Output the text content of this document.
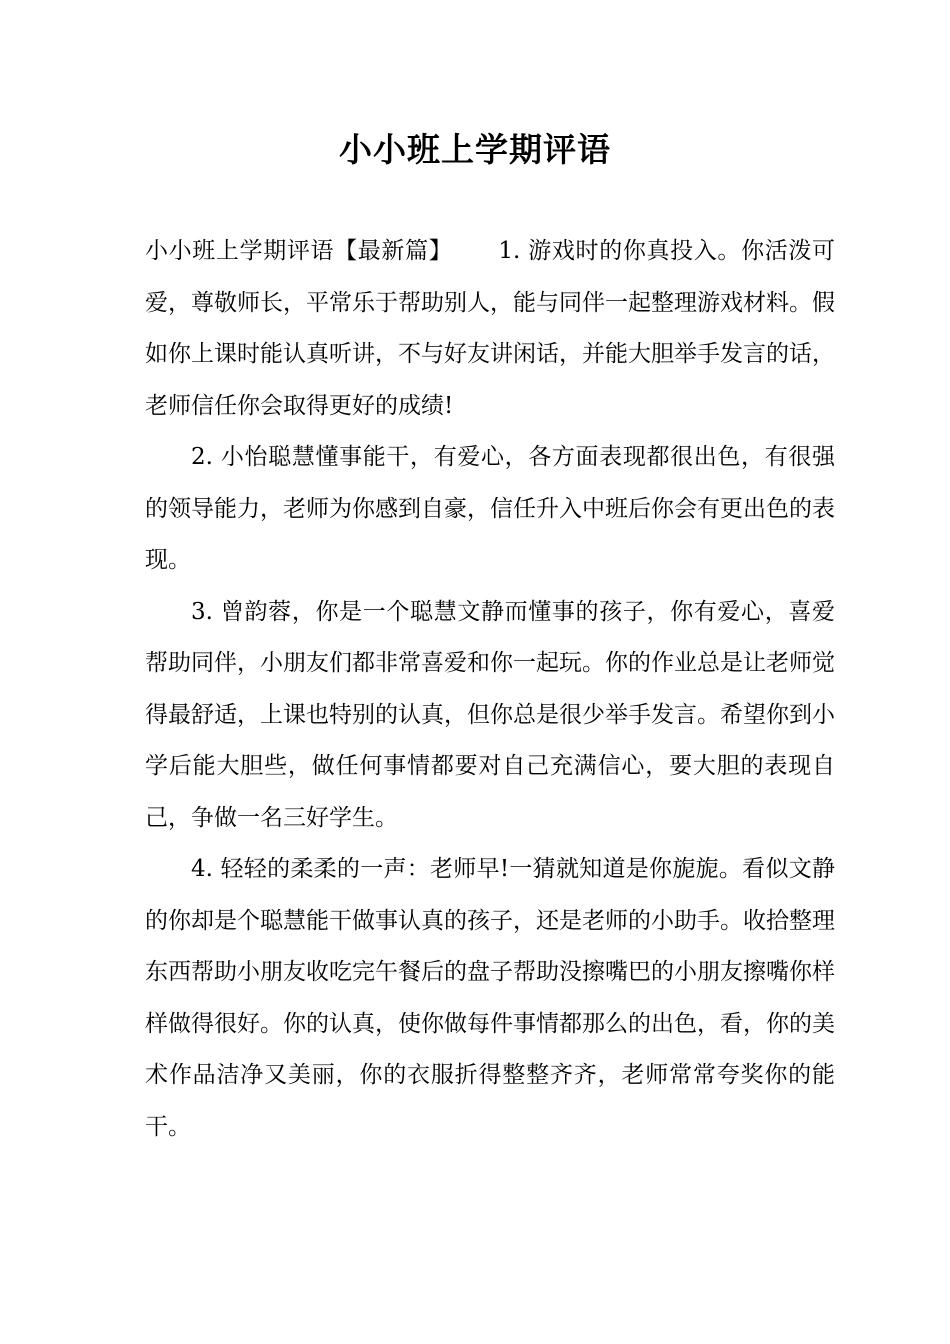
小小班上学期评语

小小班上学期评语【最新篇】 1. 游戏时的你真投入。你活泼可爱，尊敬师长，平常乐于帮助别人，能与同伴一起整理游戏材料。假如你上课时能认真听讲，不与好友讲闲话，并能大胆举手发言的话，老师信任你会取得更好的成绩!

2. 小怡聪慧懂事能干，有爱心，各方面表现都很出色，有很强的领导能力，老师为你感到自豪，信任升入中班后你会有更出色的表现。

3. 曾韵蓉，你是一个聪慧文静而懂事的孩子，你有爱心，喜爱帮助同伴，小朋友们都非常喜爱和你一起玩。你的作业总是让老师觉得最舒适，上课也特别的认真，但你总是很少举手发言。希望你到小学后能大胆些，做任何事情都要对自己充满信心，要大胆的表现自己，争做一名三好学生。

4. 轻轻的柔柔的一声：老师早!一猜就知道是你旎旎。看似文静的你却是个聪慧能干做事认真的孩子，还是老师的小助手。收拾整理东西帮助小朋友收吃完午餐后的盘子帮助没擦嘴巴的小朋友擦嘴你样样做得很好。你的认真，使你做每件事情都那么的出色，看，你的美术作品洁净又美丽，你的衣服折得整整齐齐，老师常常夸奖你的能干。
